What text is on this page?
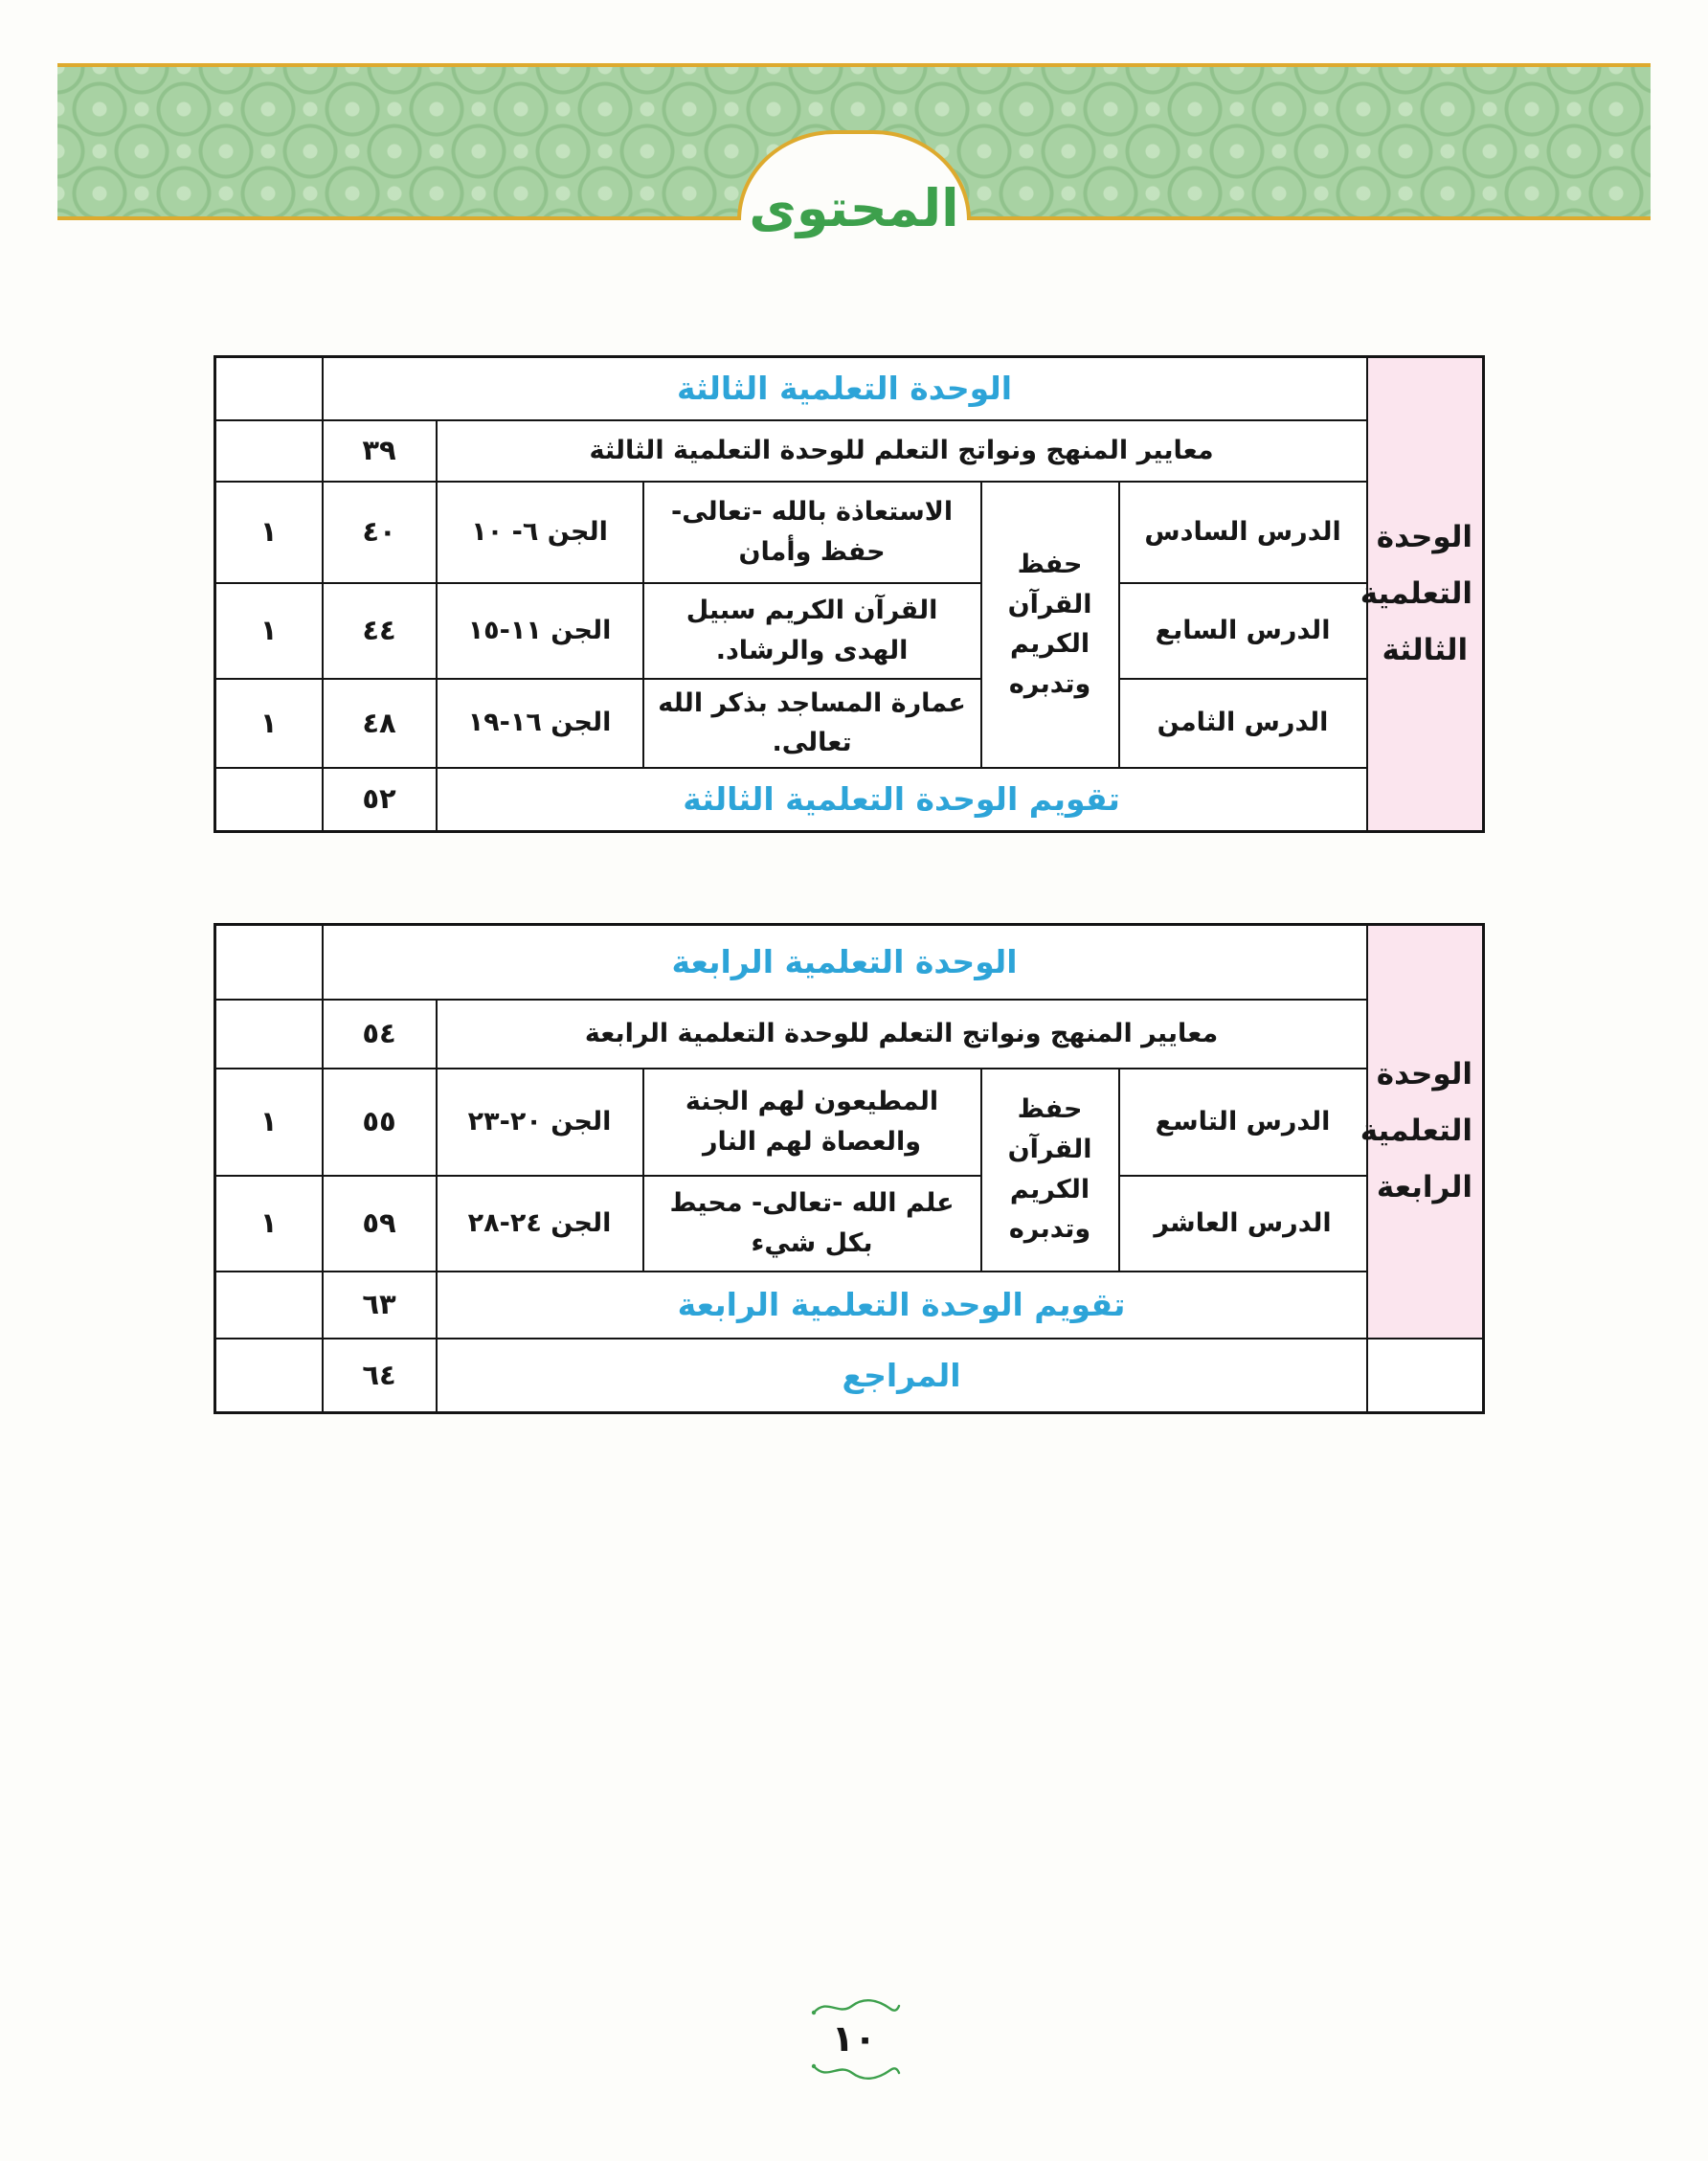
المحتوى
الوحدة التعلمية الثالثة	الوحدة التعلمية الثالثة					
	معايير المنهج ونواتج التعلم للوحدة التعلمية الثالثة				٣٩	
	الدرس السادس	حفظ القرآن الكريم وتدبره	الاستعاذة بالله -تعالى- حفظ وأمان	الجن ٦- ١٠	٤٠	١
	الدرس السابع		القرآن الكريم سبيل الهدى والرشاد.	الجن ١١-١٥	٤٤	١
	الدرس الثامن		عمارة المساجد بذكر الله تعالى.	الجن ١٦-١٩	٤٨	١
	تقويم الوحدة التعلمية الثالثة				٥٢	
الوحدة التعلمية الرابعة	الوحدة التعلمية الرابعة					
	معايير المنهج ونواتج التعلم للوحدة التعلمية الرابعة				٥٤	
	الدرس التاسع	حفظ القرآن الكريم وتدبره	المطيعون لهم الجنة والعصاة لهم النار	الجن ٢٠-٢٣	٥٥	١
	الدرس العاشر		علم الله -تعالى- محيط بكل شيء	الجن ٢٤-٢٨	٥٩	١
	تقويم الوحدة التعلمية الرابعة				٦٣	
	المراجع				٦٤	
١٠
